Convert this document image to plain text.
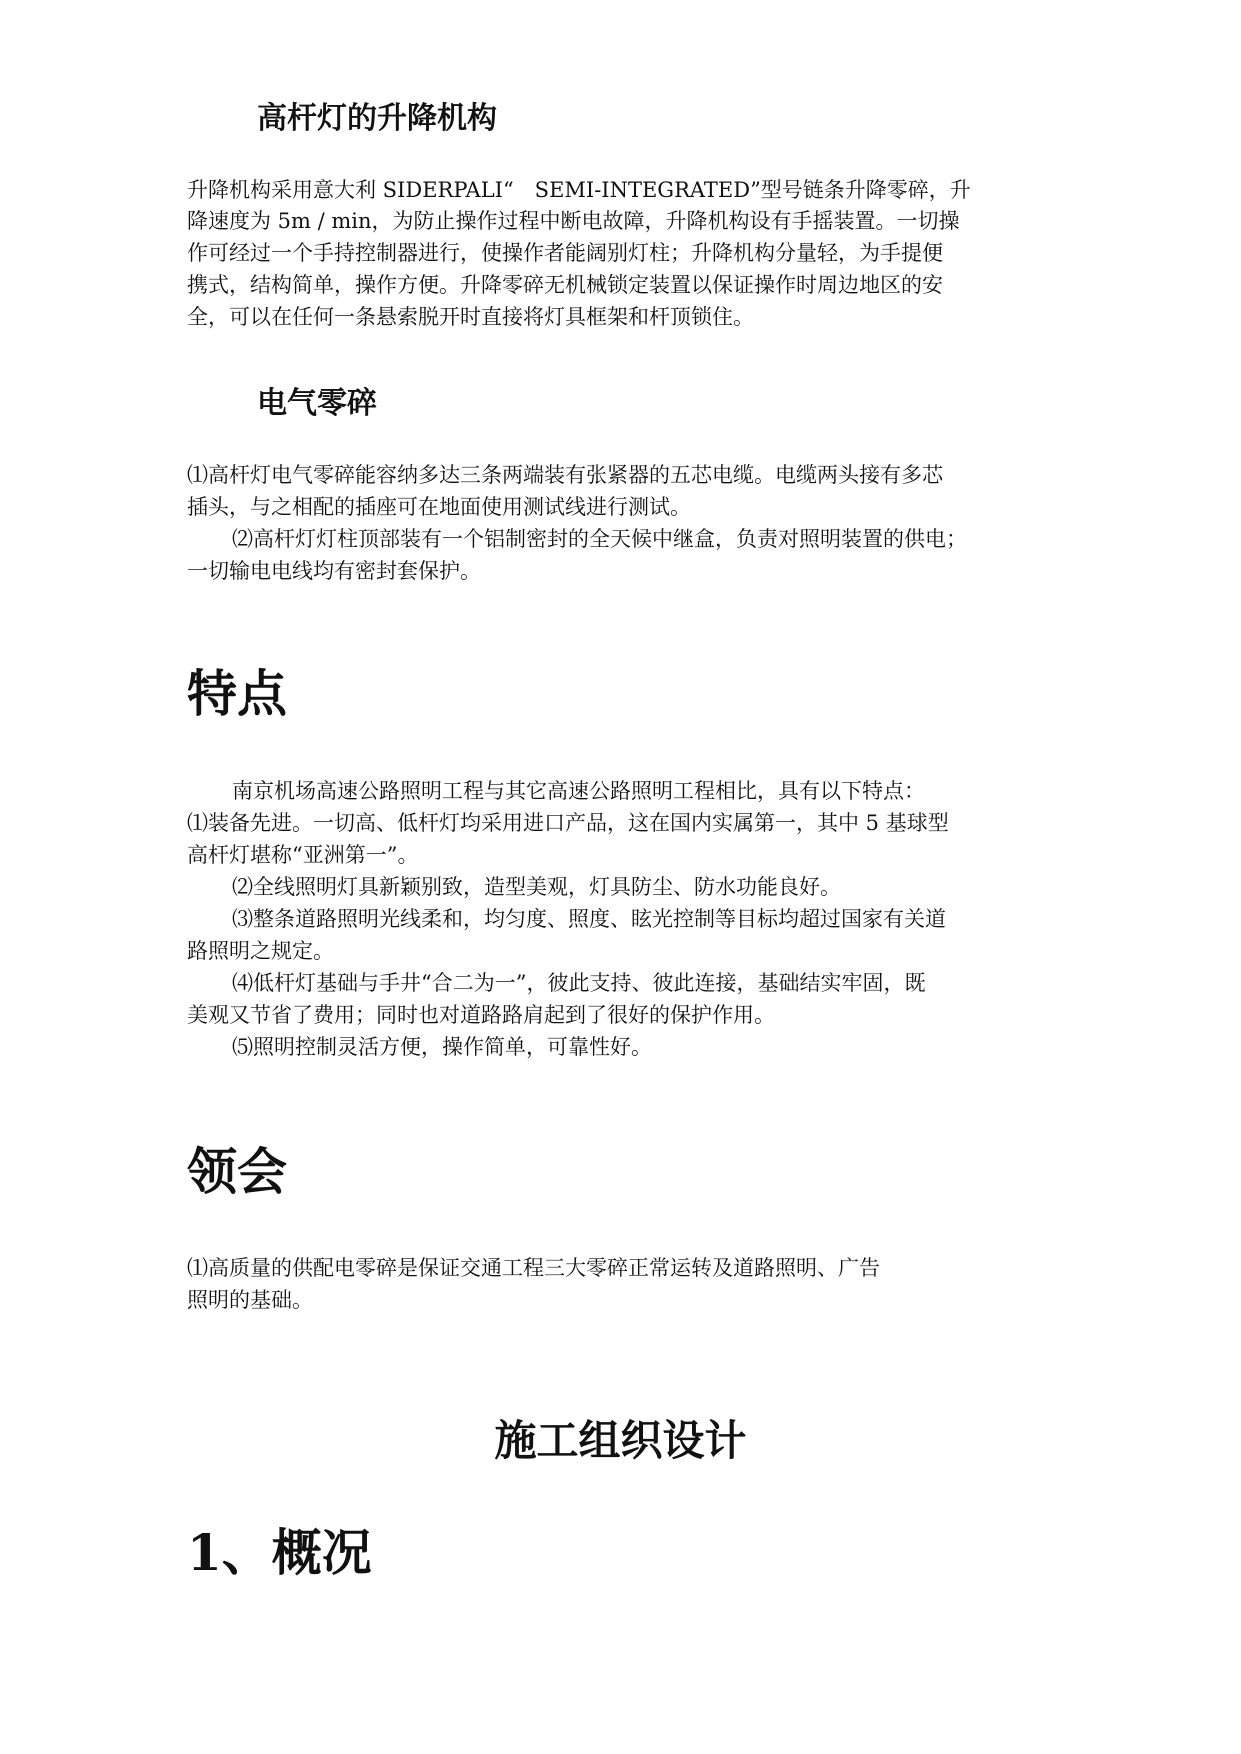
高杆灯的升降机构
升降机构采用意大利 SIDERPALI“　SEMI-INTEGRATED”型号链条升降零碎，升
降速度为 5m / min，为防止操作过程中断电故障，升降机构设有手摇装置。一切操
作可经过一个手持控制器进行，使操作者能阔别灯柱；升降机构分量轻，为手提便
携式，结构简单，操作方便。升降零碎无机械锁定装置以保证操作时周边地区的安
全，可以在任何一条悬索脱开时直接将灯具框架和杆顶锁住。
电气零碎
⑴高杆灯电气零碎能容纳多达三条两端装有张紧器的五芯电缆。电缆两头接有多芯
插头，与之相配的插座可在地面使用测试线进行测试。
⑵高杆灯灯柱顶部装有一个铝制密封的全天候中继盒，负责对照明装置的供电；
一切输电电线均有密封套保护。
特点
南京机场高速公路照明工程与其它高速公路照明工程相比，具有以下特点：
⑴装备先进。一切高、低杆灯均采用进口产品，这在国内实属第一，其中 5 基球型
高杆灯堪称“亚洲第一”。
⑵全线照明灯具新颖别致，造型美观，灯具防尘、防水功能良好。
⑶整条道路照明光线柔和，均匀度、照度、眩光控制等目标均超过国家有关道
路照明之规定。
⑷低杆灯基础与手井“合二为一”，彼此支持、彼此连接，基础结实牢固，既
美观又节省了费用；同时也对道路路肩起到了很好的保护作用。
⑸照明控制灵活方便，操作简单，可靠性好。
领会
⑴高质量的供配电零碎是保证交通工程三大零碎正常运转及道路照明、广告
照明的基础。
施工组织设计
1、概况
